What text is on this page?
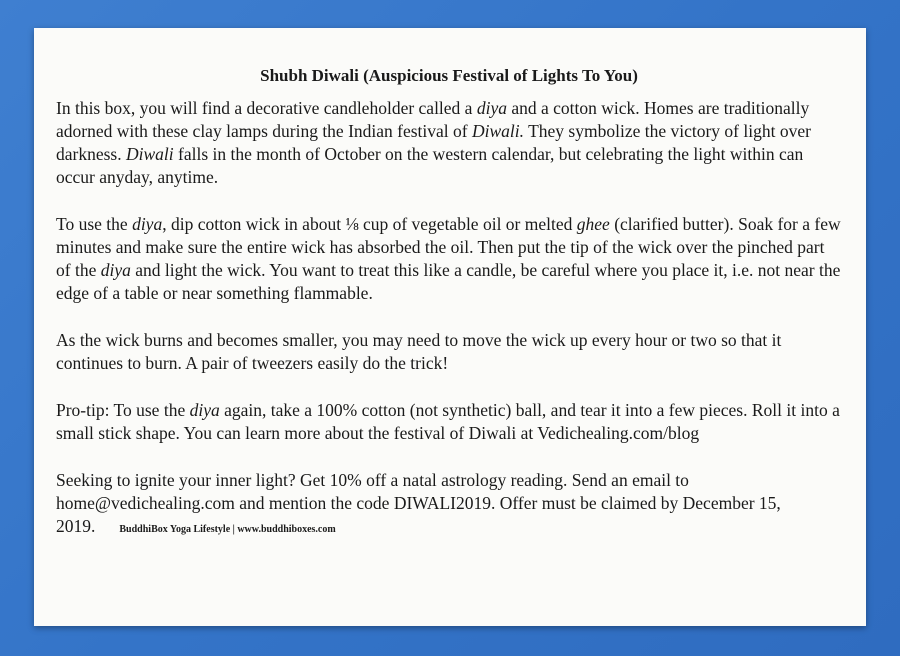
Shubh Diwali (Auspicious Festival of Lights To You)

In this box, you will find a decorative candleholder called a diya and a cotton wick. Homes are traditionally adorned with these clay lamps during the Indian festival of Diwali. They symbolize the victory of light over darkness. Diwali falls in the month of October on the western calendar, but celebrating the light within can occur anyday, anytime.

To use the diya, dip cotton wick in about ⅛ cup of vegetable oil or melted ghee (clarified butter). Soak for a few minutes and make sure the entire wick has absorbed the oil. Then put the tip of the wick over the pinched part of the diya and light the wick. You want to treat this like a candle, be careful where you place it, i.e. not near the edge of a table or near something flammable.

As the wick burns and becomes smaller, you may need to move the wick up every hour or two so that it continues to burn. A pair of tweezers easily do the trick!

Pro-tip: To use the diya again, take a 100% cotton (not synthetic) ball, and tear it into a few pieces. Roll it into a small stick shape. You can learn more about the festival of Diwali at Vedichealing.com/blog

Seeking to ignite your inner light? Get 10% off a natal astrology reading. Send an email to home@vedichealing.com and mention the code DIWALI2019. Offer must be claimed by December 15, 2019. BuddhiBox Yoga Lifestyle | www.buddhiboxes.com
